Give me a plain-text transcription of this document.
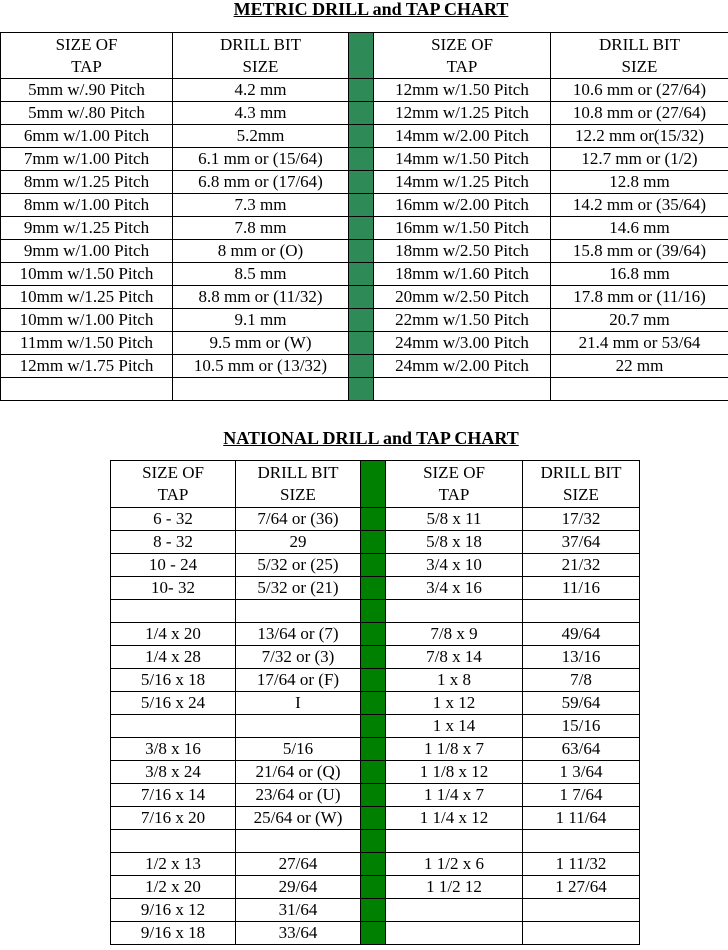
METRIC DRILL and TAP CHART
SIZE OF
TAP	DRILL BIT
SIZE		SIZE OF
TAP	DRILL BIT
SIZE
5mm w/.90 Pitch	4.2 mm		12mm w/1.50 Pitch	10.6 mm or (27/64)
5mm w/.80 Pitch	4.3 mm		12mm w/1.25 Pitch	10.8 mm or (27/64)
6mm w/1.00 Pitch	5.2mm		14mm w/2.00 Pitch	12.2 mm or(15/32)
7mm w/1.00 Pitch	6.1 mm or (15/64)		14mm w/1.50 Pitch	12.7 mm or (1/2)
8mm w/1.25 Pitch	6.8 mm or (17/64)		14mm w/1.25 Pitch	12.8 mm
8mm w/1.00 Pitch	7.3 mm		16mm w/2.00 Pitch	14.2 mm or (35/64)
9mm w/1.25 Pitch	7.8 mm		16mm w/1.50 Pitch	14.6 mm
9mm w/1.00 Pitch	8 mm or (O)		18mm w/2.50 Pitch	15.8 mm or (39/64)
10mm w/1.50 Pitch	8.5 mm		18mm w/1.60 Pitch	16.8 mm
10mm w/1.25 Pitch	8.8 mm or (11/32)		20mm w/2.50 Pitch	17.8 mm or (11/16)
10mm w/1.00 Pitch	9.1 mm		22mm w/1.50 Pitch	20.7 mm
11mm w/1.50 Pitch	9.5 mm or (W)		24mm w/3.00 Pitch	21.4 mm or 53/64
12mm w/1.75 Pitch	10.5 mm or (13/32)		24mm w/2.00 Pitch	22 mm

NATIONAL DRILL and TAP CHART
SIZE OF
TAP	DRILL BIT
SIZE		SIZE OF
TAP	DRILL BIT
SIZE
6 - 32	7/64 or (36)		5/8 x 11	17/32
8 - 32	29		5/8 x 18	37/64
10 - 24	5/32 or (25)		3/4 x 10	21/32
10- 32	5/32 or (21)		3/4 x 16	11/16

1/4 x 20	13/64 or (7)		7/8 x 9	49/64
1/4 x 28	7/32 or (3)		7/8 x 14	13/16
5/16 x 18	17/64 or (F)		1 x 8	7/8
5/16 x 24	I		1 x 12	59/64
			1 x 14	15/16
3/8 x 16	5/16		1 1/8 x 7	63/64
3/8 x 24	21/64 or (Q)		1 1/8 x 12	1 3/64
7/16 x 14	23/64 or (U)		1 1/4 x 7	1 7/64
7/16 x 20	25/64 or (W)		1 1/4 x 12	1 11/64

1/2 x 13	27/64		1 1/2 x 6	1 11/32
1/2 x 20	29/64		1 1/2 12	1 27/64
9/16 x 12	31/64			
9/16 x 18	33/64			
